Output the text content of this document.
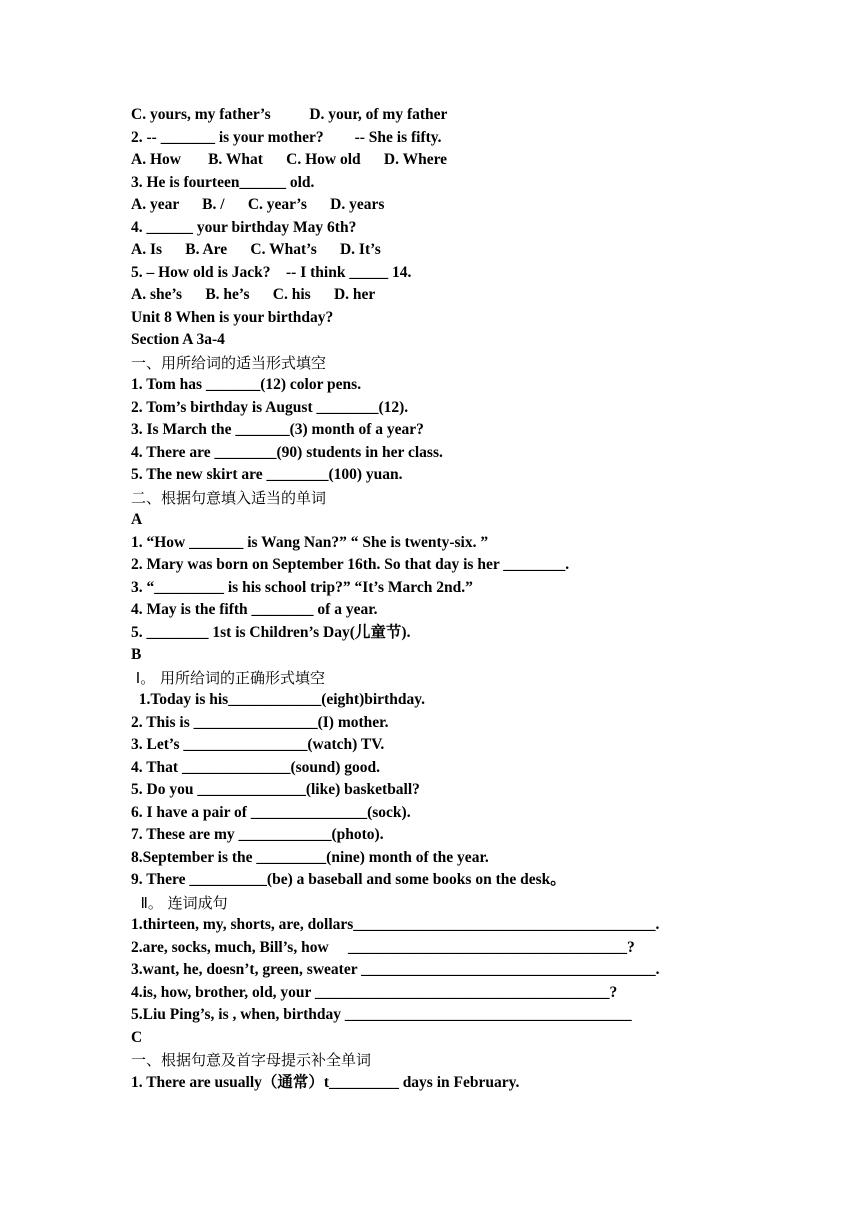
C. yours, my father’s          D. your, of my father
2. -- _______ is your mother?        -- She is fifty.
A. How       B. What      C. How old      D. Where
3. He is fourteen______ old.
A. year      B. /      C. year’s      D. years
4. ______ your birthday May 6th?
A. Is      B. Are      C. What’s      D. It’s
5. – How old is Jack?    -- I think _____ 14.
A. she’s      B. he’s      C. his      D. her
Unit 8 When is your birthday?
Section A 3a-4
一、用所给词的适当形式填空
1. Tom has _______(12) color pens.
2. Tom’s birthday is August ________(12).
3. Is March the _______(3) month of a year?
4. There are ________(90) students in her class.
5. The new skirt are ________(100) yuan.
二、根据句意填入适当的单词
A
1. “How _______ is Wang Nan?” “ She is twenty-six. ”
2. Mary was born on September 16th. So that day is her ________.
3. “_________ is his school trip?” “It’s March 2nd.”
4. May is the fifth ________ of a year.
5. ________ 1st is Children’s Day(儿童节).
B
Ⅰ。 用所给词的正确形式填空
1.Today is his____________(eight)birthday.
2. This is ________________(I) mother.
3. Let’s ________________(watch) TV.
4. That ______________(sound) good.
5. Do you ______________(like) basketball?
6. I have a pair of _______________(sock).
7. These are my ____________(photo).
8.September is the _________(nine) month of the year.
9. There __________(be) a baseball and some books on the desk。
Ⅱ。 连词成句
1.thirteen, my, shorts, are, dollars_______________________________________.
2.are, socks, much, Bill’s, how     ____________________________________?
3.want, he, doesn’t, green, sweater ______________________________________.
4.is, how, brother, old, your ______________________________________?
5.Liu Ping’s, is , when, birthday _____________________________________
C
一、根据句意及首字母提示补全单词
1. There are usually（通常）t_________ days in February.
